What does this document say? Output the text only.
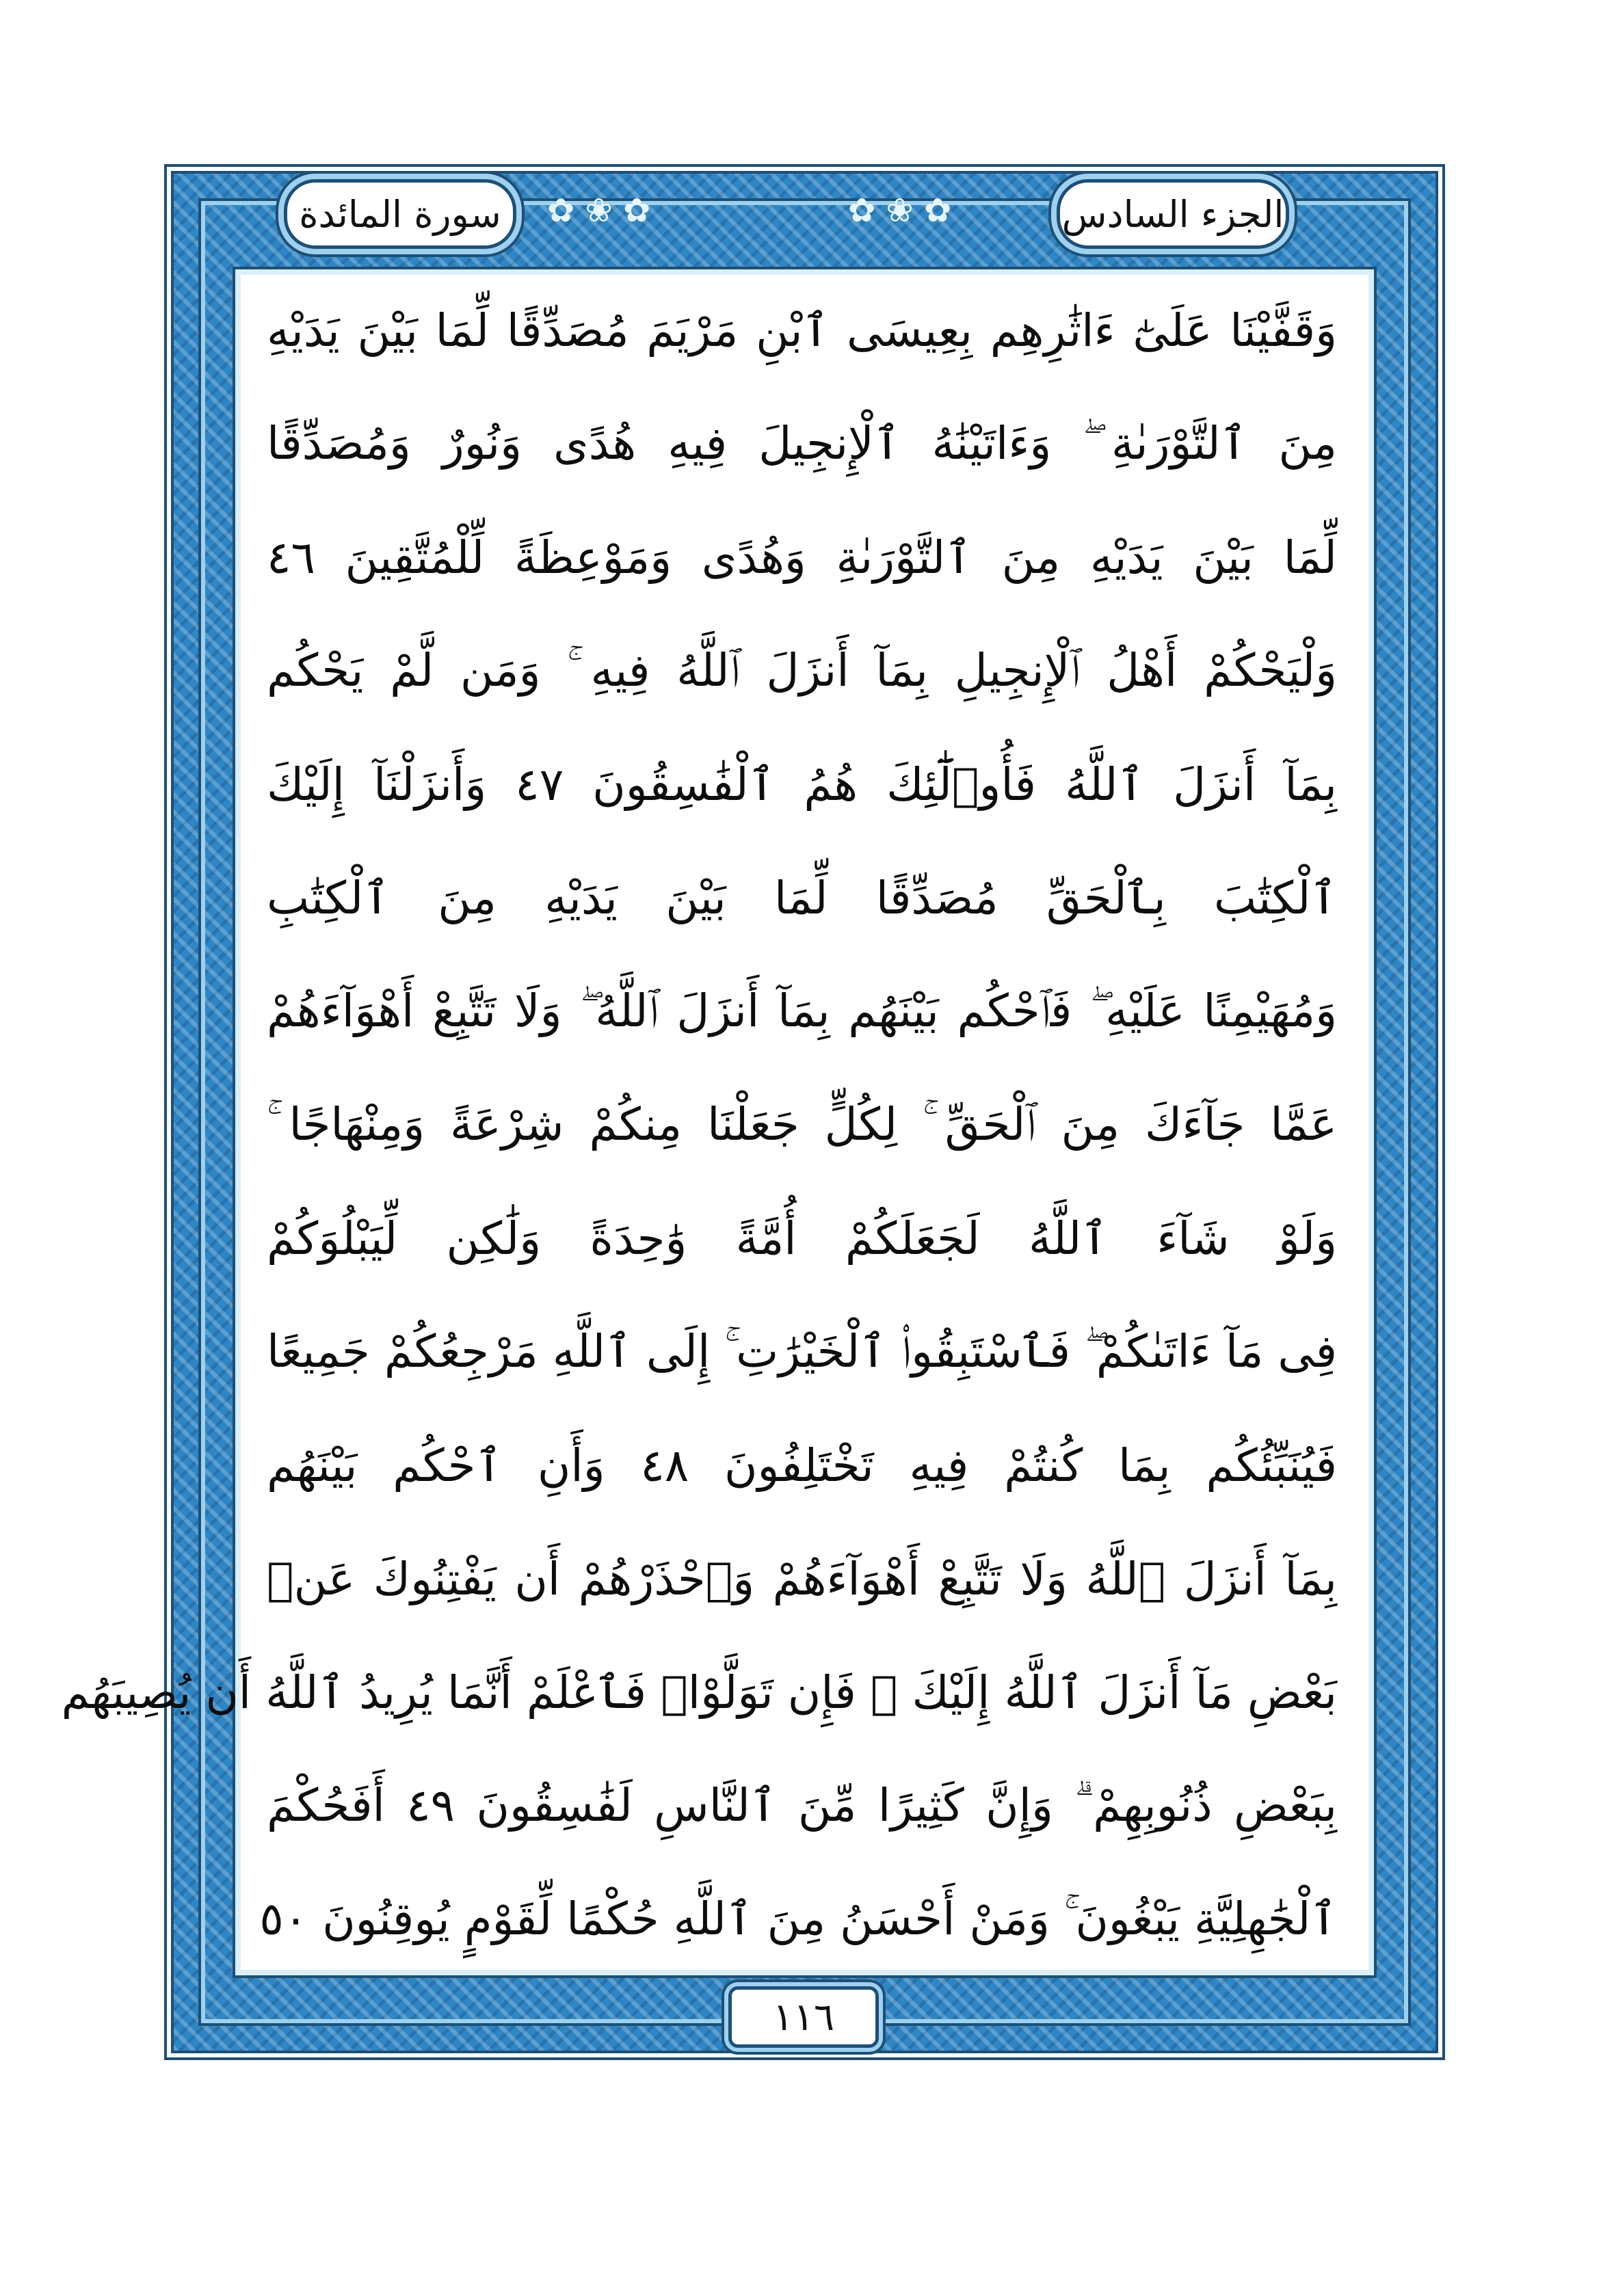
✿ ❀ ✿	✿ ❀ ✿
سورة المائدة	الجزء السادس
وَقَفَّيْنَا عَلَىٰٓ ءَاثَٰرِهِم بِعِيسَى ٱبْنِ مَرْيَمَ مُصَدِّقًا لِّمَا بَيْنَ يَدَيْهِ
مِنَ ٱلتَّوْرَىٰةِ ۖ وَءَاتَيْنَٰهُ ٱلْإِنجِيلَ فِيهِ هُدًى وَنُورٌ وَمُصَدِّقًا
لِّمَا بَيْنَ يَدَيْهِ مِنَ ٱلتَّوْرَىٰةِ وَهُدًى وَمَوْعِظَةً لِّلْمُتَّقِينَ ٤٦
وَلْيَحْكُمْ أَهْلُ ٱلْإِنجِيلِ بِمَآ أَنزَلَ ٱللَّهُ فِيهِ ۚ وَمَن لَّمْ يَحْكُم
بِمَآ أَنزَلَ ٱللَّهُ فَأُو۟لَٰٓئِكَ هُمُ ٱلْفَٰسِقُونَ ٤٧ وَأَنزَلْنَآ إِلَيْكَ
ٱلْكِتَٰبَ بِٱلْحَقِّ مُصَدِّقًا لِّمَا بَيْنَ يَدَيْهِ مِنَ ٱلْكِتَٰبِ
وَمُهَيْمِنًا عَلَيْهِ ۖ فَٱحْكُم بَيْنَهُم بِمَآ أَنزَلَ ٱللَّهُ ۖ وَلَا تَتَّبِعْ أَهْوَآءَهُمْ
عَمَّا جَآءَكَ مِنَ ٱلْحَقِّ ۚ لِكُلٍّ جَعَلْنَا مِنكُمْ شِرْعَةً وَمِنْهَاجًا ۚ
وَلَوْ شَآءَ ٱللَّهُ لَجَعَلَكُمْ أُمَّةً وَٰحِدَةً وَلَٰكِن لِّيَبْلُوَكُمْ
فِى مَآ ءَاتَىٰكُمْ ۖ فَٱسْتَبِقُوا۟ ٱلْخَيْرَٰتِ ۚ إِلَى ٱللَّهِ مَرْجِعُكُمْ جَمِيعًا
فَيُنَبِّئُكُم بِمَا كُنتُمْ فِيهِ تَخْتَلِفُونَ ٤٨ وَأَنِ ٱحْكُم بَيْنَهُم
بِمَآ أَنزَلَ ٱللَّهُ وَلَا تَتَّبِعْ أَهْوَآءَهُمْ وَٱحْذَرْهُمْ أَن يَفْتِنُوكَ عَنۢ
بَعْضِ مَآ أَنزَلَ ٱللَّهُ إِلَيْكَ ۖ فَإِن تَوَلَّوْا۟ فَٱعْلَمْ أَنَّمَا يُرِيدُ ٱللَّهُ أَن يُصِيبَهُم
بِبَعْضِ ذُنُوبِهِمْ ۗ وَإِنَّ كَثِيرًا مِّنَ ٱلنَّاسِ لَفَٰسِقُونَ ٤٩ أَفَحُكْمَ
ٱلْجَٰهِلِيَّةِ يَبْغُونَ ۚ وَمَنْ أَحْسَنُ مِنَ ٱللَّهِ حُكْمًا لِّقَوْمٍ يُوقِنُونَ ٥٠
١١٦
